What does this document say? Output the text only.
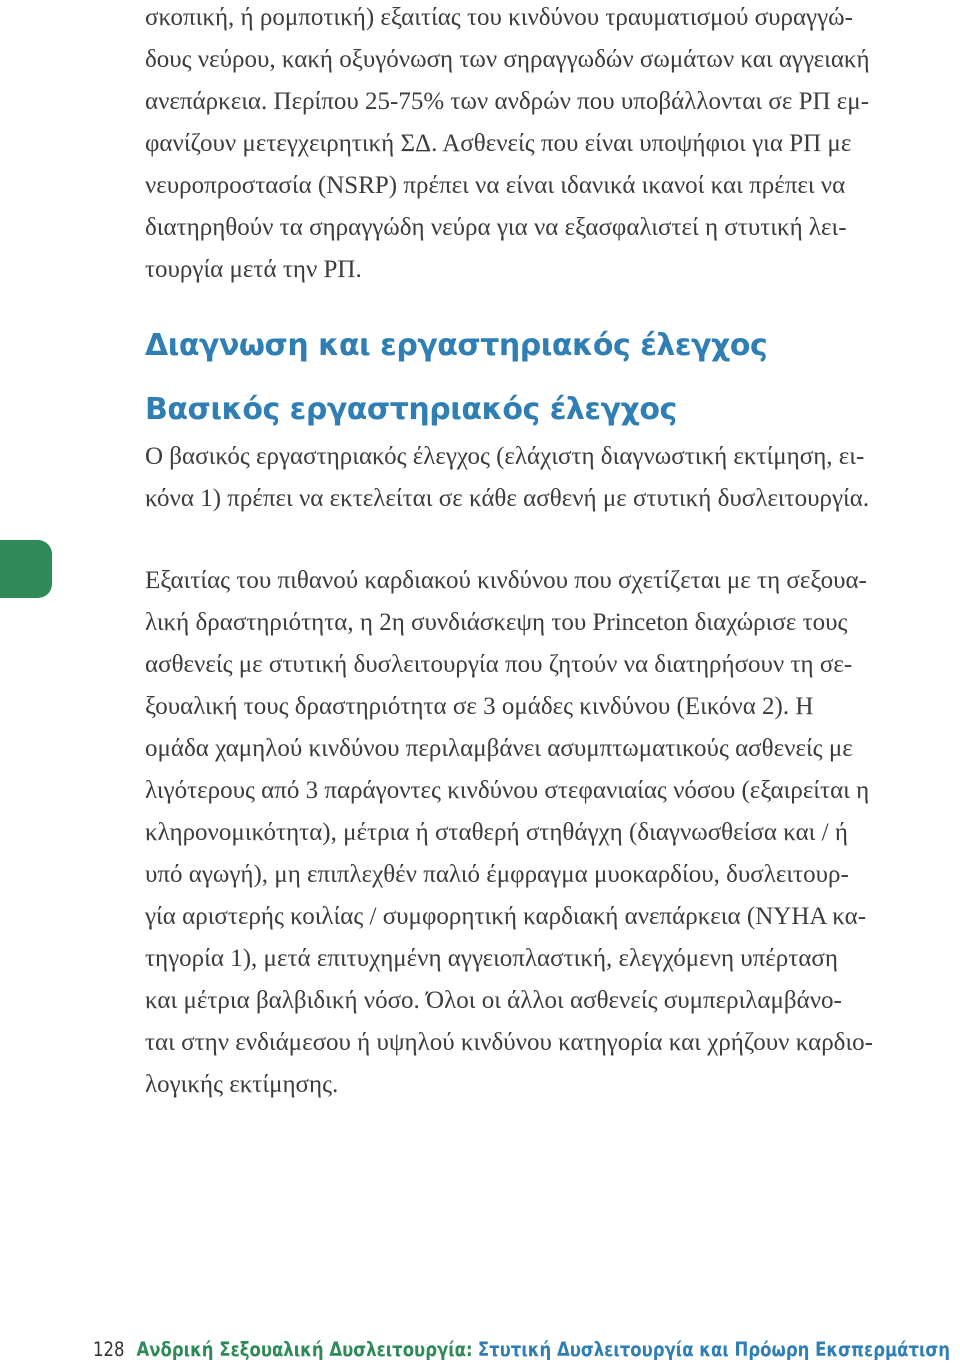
σκοπική, ή ρομποτική) εξαιτίας του κινδύνου τραυματισμού συραγγώ-
δους νεύρου, κακή οξυγόνωση των σηραγγωδών σωμάτων και αγγειακή
ανεπάρκεια. Περίπου 25-75% των ανδρών που υποβάλλονται σε ΡΠ εμ-
φανίζουν μετεγχειρητική ΣΔ. Ασθενείς που είναι υποψήφιοι για ΡΠ με
νευροπροστασία (NSRP) πρέπει να είναι ιδανικά ικανοί και πρέπει να
διατηρηθούν τα σηραγγώδη νεύρα για να εξασφαλιστεί η στυτική λει-
τουργία μετά την ΡΠ.
Διαγνωση και εργαστηριακός έλεγχος
Βασικός εργαστηριακός έλεγχος
Ο βασικός εργαστηριακός έλεγχος (ελάχιστη διαγνωστική εκτίμηση, ει-
κόνα 1) πρέπει να εκτελείται σε κάθε ασθενή με στυτική δυσλειτουργία.
Εξαιτίας του πιθανού καρδιακού κινδύνου που σχετίζεται με τη σεξουα-
λική δραστηριότητα, η 2η συνδιάσκεψη του Princeton διαχώρισε τους
ασθενείς με στυτική δυσλειτουργία που ζητούν να διατηρήσουν τη σε-
ξουαλική τους δραστηριότητα σε 3 ομάδες κινδύνου (Εικόνα 2). Η
ομάδα χαμηλού κινδύνου περιλαμβάνει ασυμπτωματικούς ασθενείς με
λιγότερους από 3 παράγοντες κινδύνου στεφανιαίας νόσου (εξαιρείται η
κληρονομικότητα), μέτρια ή σταθερή στηθάγχη (διαγνωσθείσα και / ή
υπό αγωγή), μη επιπλεχθέν παλιό έμφραγμα μυοκαρδίου, δυσλειτουρ-
γία αριστερής κοιλίας / συμφορητική καρδιακή ανεπάρκεια (NYHA κα-
τηγορία 1), μετά επιτυχημένη αγγειοπλαστική, ελεγχόμενη υπέρταση
και μέτρια βαλβιδική νόσο. Όλοι οι άλλοι ασθενείς συμπεριλαμβάνο-
ται στην ενδιάμεσου ή υψηλού κινδύνου κατηγορία και χρήζουν καρδιο-
λογικής εκτίμησης.
128 Ανδρική Σεξουαλική Δυσλειτουργία: Στυτική Δυσλειτουργία και Πρόωρη Εκσπερμάτιση
